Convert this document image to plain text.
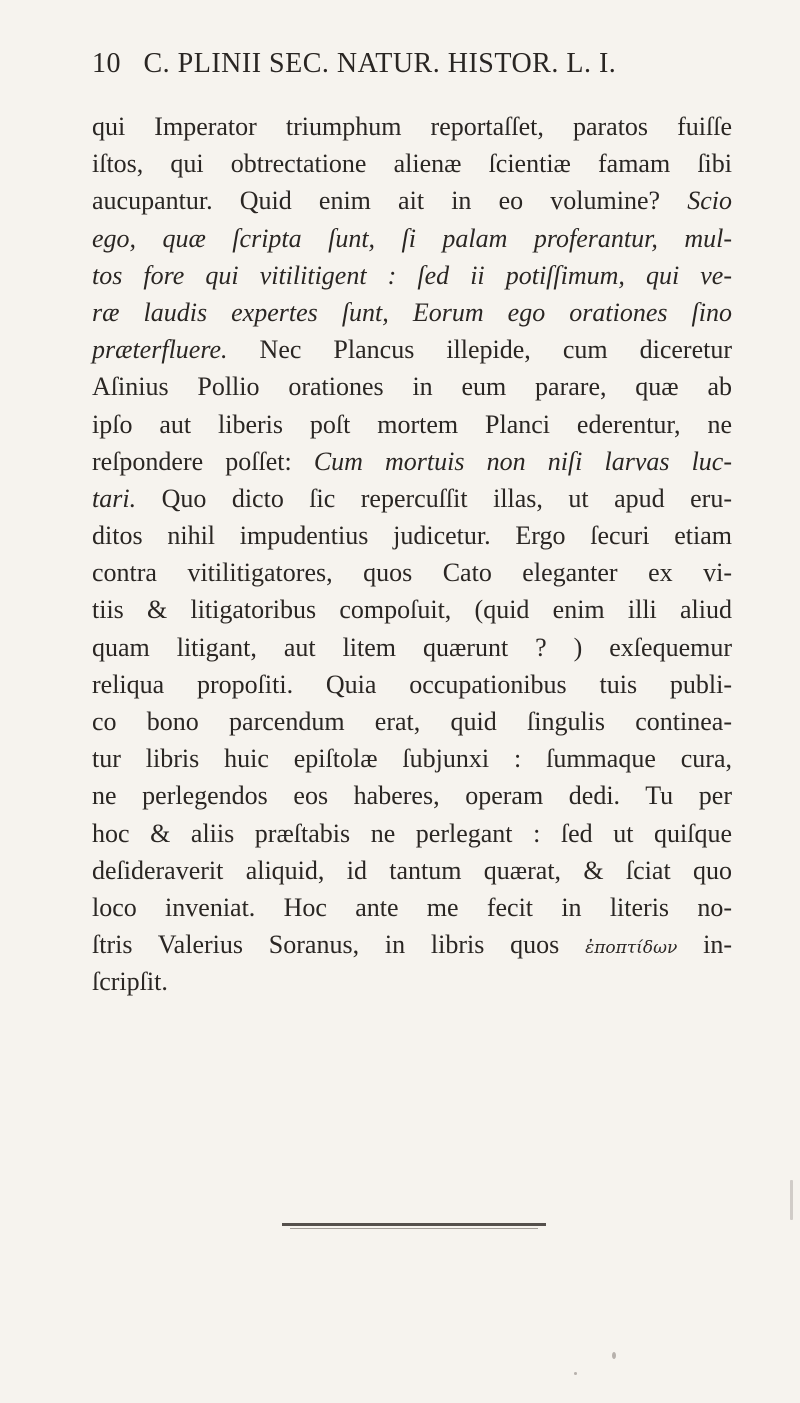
10 C. PLINII SEC. NATUR. HISTOR. L. I.
qui Imperator triumphum reportaſſet, paratos fuiſſe
iſtos, qui obtrectatione alienæ ſcientiæ famam ſibi
aucupantur. Quid enim ait in eo volumine? Scio
ego, quæ ſcripta ſunt, ſi palam proferantur, mul-
tos fore qui vitilitigent : ſed ii potiſſimum, qui ve-
ræ laudis expertes ſunt, Eorum ego orationes ſino
præterfluere. Nec Plancus illepide, cum diceretur
Aſinius Pollio orationes in eum parare, quæ ab
ipſo aut liberis poſt mortem Planci ederentur, ne
reſpondere poſſet: Cum mortuis non niſi larvas luc-
tari. Quo dicto ſic repercuſſit illas, ut apud eru-
ditos nihil impudentius judicetur. Ergo ſecuri etiam
contra vitilitigatores, quos Cato eleganter ex vi-
tiis & litigatoribus compoſuit, (quid enim illi aliud
quam litigant, aut litem quærunt ? ) exſequemur
reliqua propoſiti. Quia occupationibus tuis publi-
co bono parcendum erat, quid ſingulis continea-
tur libris huic epiſtolæ ſubjunxi : ſummaque cura,
ne perlegendos eos haberes, operam dedi. Tu per
hoc & aliis præſtabis ne perlegant : ſed ut quiſque
deſideraverit aliquid, id tantum quærat, & ſciat quo
loco inveniat. Hoc ante me fecit in literis no-
ſtris Valerius Soranus, in libris quos ἐποπτίδων in-
ſcripſit.
